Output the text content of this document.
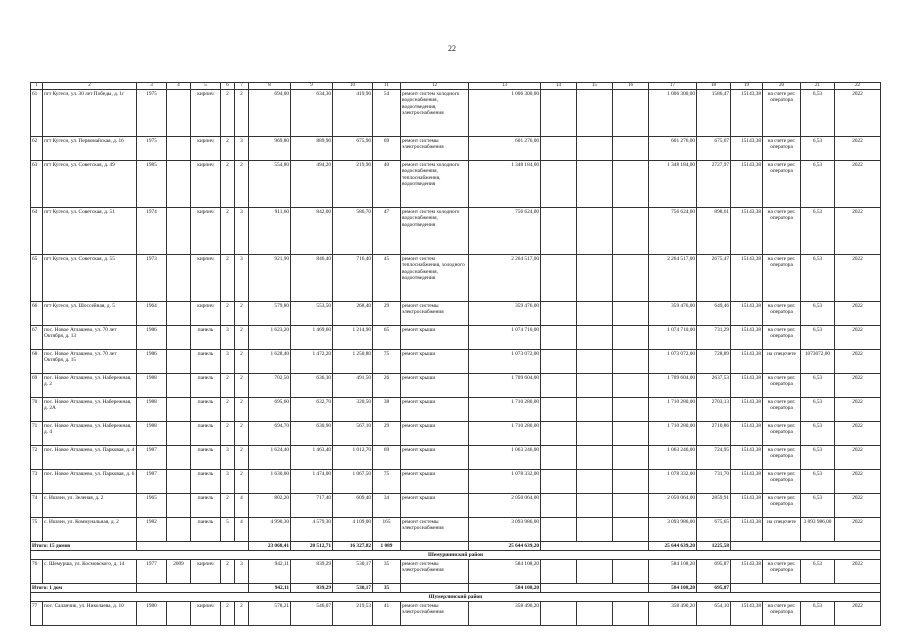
22
1	2	3	4	5	6	7	8	9	10	11	12	13	14	15	16	17	18	19	20	21	22
61	пгт Кугеси, ул. 30 лет Победы, д. 1г	1975		кирпич	2	2	694,00	634,30	419,90	54	ремонт систем холодного водоснабжения, водоотведения, электроснабжения	1 006 300,00				1 006 300,00	1586,47	15143,38	на счете рег. оператора	6,53	2022
62	пгт Кугеси, ул. Первомайская, д. 16	1975		кирпич	2	3	969,80	889,90	675,90	69	ремонт системы электроснабжения	601 276,00				601 276,00	675,67	15143,38	на счете рег. оператора	6,53	2022
63	пгт Кугеси, ул. Советская, д. 49	1985		кирпич	2	2	554,80	494,20	219,90	40	ремонт систем холодного водоснабжения, теплоснабжения, водоотведения	1 348 184,00				1 348 184,00	2727,97	15143,38	на счете рег. оператора	6,53	2022
64	пгт Кугеси, ул. Советская, д. 51	1974		кирпич	2	3	911,60	842,00	586,70	47	ремонт систем холодного водоснабжения, водоотведения	756 624,00				756 624,00	898,61	15143,38	на счете рег. оператора	6,53	2022
65	пгт Кугеси, ул. Советская, д. 55	1973		кирпич	2	3	921,90	846,40	716,40	45	ремонт систем теплоснабжения, холодного водоснабжения, водоотведения	2 264 517,00				2 264 517,00	2675,47	15143,38	на счете рег. оператора	6,53	2022
66	пгт Кугеси, ул. Шоссейная, д. 5	1964		кирпич	2	2	579,80	553,50	268,40	29	ремонт системы электроснабжения	359 476,00				359 476,00	649,46	15143,38	на счете рег. оператора	6,53	2022
67	пос. Новое Атлашево, ул. 70 лет Октября, д. 13	1986		панель	3	2	1 623,20	1 469,60	1 214,90	65	ремонт крыши	1 074 710,00				1 074 710,00	731,29	15143,38	на счете рег. оператора	6,53	2022
68	пос. Новое Атлашево, ул. 70 лет Октября, д. 15	1986		панель	3	2	1 628,40	1 472,20	1 250,80	75	ремонт крыши	1 073 072,00				1 073 072,00	728,89	15143,38	на спецсчете	1073072,00	2022
69	пос. Новое Атлашево, ул. Набережная, д. 2	1988		панель	2	2	702,50	636,30	491,50	26	ремонт крыши	1 709 604,00				1 709 604,00	2637,53	15143,38	на счете рег. оператора	6,53	2022
70	пос. Новое Атлашево, ул. Набережная, д. 2А	1988		панель	2	2	695,60	632,70	320,50	38	ремонт крыши	1 710 280,00				1 710 280,00	2703,13	15143,38	на счете рег. оператора	6,53	2022
71	пос. Новое Атлашево, ул. Набережная, д. 4	1988		панель	2	2	694,70	630,90	567,10	29	ремонт крыши	1 710 280,00				1 710 280,00	2710,86	15143,38	на счете рег. оператора	6,53	2022
72	пос. Новое Атлашево, ул. Парковая, д. 4	1987		панель	3	2	1 624,40	1 463,40	1 012,70	69	ремонт крыши	1 063 246,00				1 063 246,00	724,95	15143,38	на счете рег. оператора	6,53	2022
73	пос. Новое Атлашево, ул. Парковая, д. 6	1987		панель	3	2	1 630,00	1 474,00	1 067,50	75	ремонт крыши	1 078 332,00				1 078 332,00	731,70	15143,38	на счете рег. оператора	6,53	2022
74	с. Ишлеи, ул. Зеленая, д. 2	1965		панель	2	4	802,20	717,40	609,40	34	ремонт крыши	2 050 064,00				2 050 064,00	2859,91	15143,38	на счете рег. оператора	6,53	2022
75	с. Ишлеи, ул. Коммунальная, д. 2	1982		панель	5	4	4 990,30	4 579,30	4 109,00	165	ремонт системы электроснабжения	3 093 986,00				3 093 986,00	675,65	15143,38	на спецсчете	3 093 986,00	2022
Итого: 15 домов							23 068,41	20 512,71	16 327,82	1 089		25 644 639,20				25 644 639,20	1225,58				
Шемуршинский район																					
76	с. Шемурша, ул. Космовского, д. 14	1977	2009	кирпич	2	3	942,11	839,29	530,17	35	ремонт системы электроснабжения	584 108,20				584 108,20	695,87	15143,38	на счете рег. оператора	6,53	2022
Итого: 1 дом							942,11	839,29	530,17	35		584 108,20				584 108,20	695,87				
Шумерлинский район																					
77	пос. Саланчик, ул. Николаева, д. 10	1980		кирпич	2	2	578,21	546,07	219,53	41	ремонт системы электроснабжения	358 490,20				358 490,20	654,10	15143,38	на счете рег. оператора	6,53	2022
